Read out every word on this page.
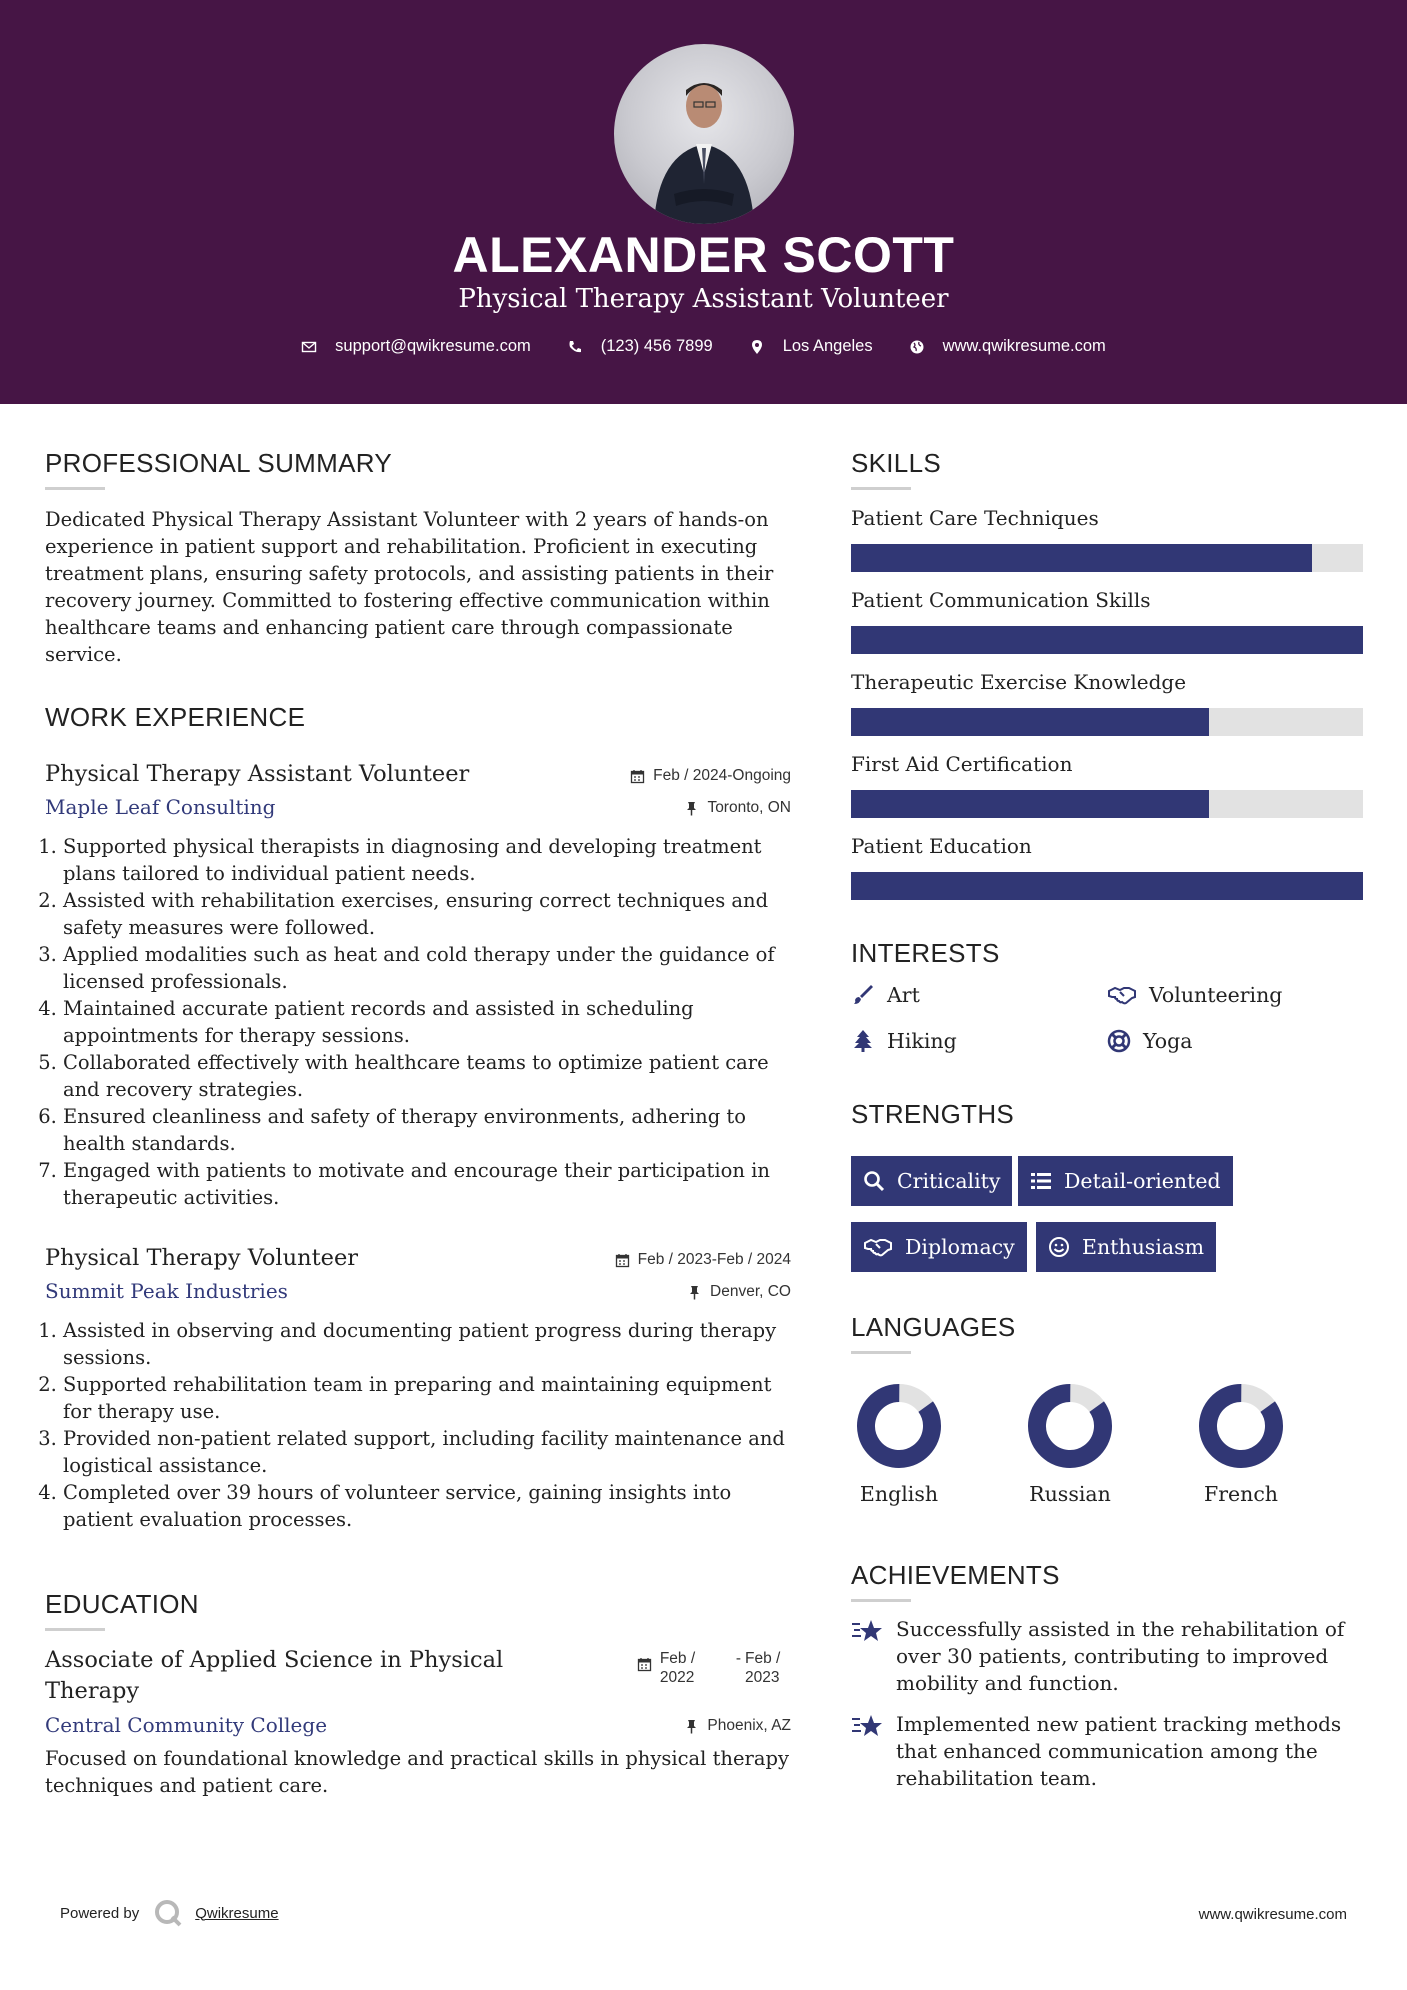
ALEXANDER SCOTT
Physical Therapy Assistant Volunteer
support@qwikresume.com	(123) 456 7899	Los Angeles	www.qwikresume.com
PROFESSIONAL SUMMARY
Dedicated Physical Therapy Assistant Volunteer with 2 years of hands-on experience in patient support and rehabilitation. Proficient in executing treatment plans, ensuring safety protocols, and assisting patients in their recovery journey. Committed to fostering effective communication within healthcare teams and enhancing patient care through compassionate service.
WORK EXPERIENCE
Physical Therapy Assistant Volunteer	Feb / 2024-Ongoing
Maple Leaf Consulting	Toronto, ON
1. Supported physical therapists in diagnosing and developing treatment plans tailored to individual patient needs.
2. Assisted with rehabilitation exercises, ensuring correct techniques and safety measures were followed.
3. Applied modalities such as heat and cold therapy under the guidance of licensed professionals.
4. Maintained accurate patient records and assisted in scheduling appointments for therapy sessions.
5. Collaborated effectively with healthcare teams to optimize patient care and recovery strategies.
6. Ensured cleanliness and safety of therapy environments, adhering to health standards.
7. Engaged with patients to motivate and encourage their participation in therapeutic activities.
Physical Therapy Volunteer	Feb / 2023-Feb / 2024
Summit Peak Industries	Denver, CO
1. Assisted in observing and documenting patient progress during therapy sessions.
2. Supported rehabilitation team in preparing and maintaining equipment for therapy use.
3. Provided non-patient related support, including facility maintenance and logistical assistance.
4. Completed over 39 hours of volunteer service, gaining insights into patient evaluation processes.
EDUCATION
Associate of Applied Science in Physical Therapy
Feb / 2022
- Feb / 2023
Central Community College	Phoenix, AZ
Focused on foundational knowledge and practical skills in physical therapy techniques and patient care.
SKILLS
Patient Care Techniques
Patient Communication Skills
Therapeutic Exercise Knowledge
First Aid Certification
Patient Education
INTERESTS
Art	Volunteering
Hiking	Yoga
STRENGTHS
Criticality	Detail-oriented
Diplomacy	Enthusiasm
LANGUAGES
English	Russian	French
ACHIEVEMENTS
Successfully assisted in the rehabilitation of over 30 patients, contributing to improved mobility and function.
Implemented new patient tracking methods that enhanced communication among the rehabilitation team.
Powered by	Qwikresume	www.qwikresume.com
